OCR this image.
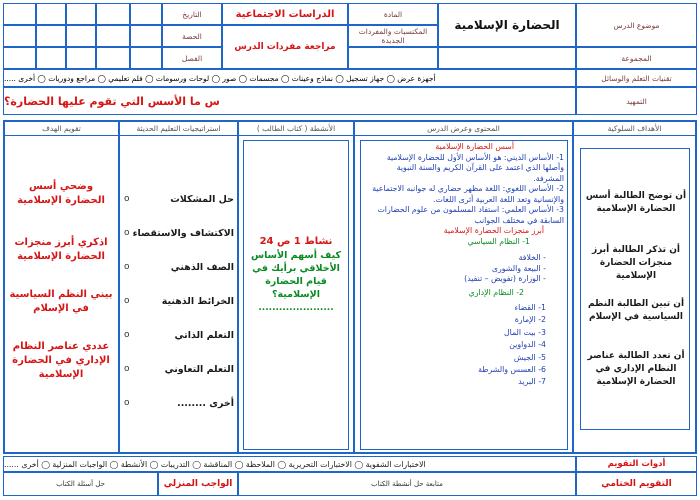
موضوع الدرس
الحضارة الإسلامية
المادة
الدراسات الاجتماعية
التاريخ
المكتسبات والمفردات الجديدة
مراجعة مفردات الدرس
الحصة
المجموعة
الفصل
تقنيات التعلم والوسائل
أجهزة عرض ◯ جهاز تسجيل ◯ نماذج وعينات ◯ مجسمات ◯ صور ◯ لوحات ورسومات ◯ فلم تعليمي ◯ مراجع ودوريات ◯ أخرى .....
التمهيد
س ما الأسس التي تقوم عليها الحضارة؟
الأهداف السلوكية
المحتوى وعرض الدرس
الأنشطة ( كتاب الطالب )
استراتيجيات التعليم الحديثة
تقويم الهدف
أن توضح الطالبة أسس الحضارة الإسلامية
أن تذكر الطالبة أبرز منجزات الحضارة الإسلامية
أن تبين الطالبة النظم السياسية في الإسلام
أن تعدد الطالبة عناصر النظام الإداري في الحضارة الإسلامية
أسس الحضارة الإسلامية
1- الأساس الديني: هو الأساس الأول للحضارة الإسلامية وأصلها الذي اعتمد على القرآن الكريم والسنة النبوية المشرفة.
2- الأساس اللغوي: اللغة مظهر حضاري له جوانبه الاجتماعية والإنسانية وتعد اللغة العربية أثرى اللغات.
3- الأساس العلمي: استفاد المسلمون من علوم الحضارات السابقة في مختلف الجوانب
أبرز منجزات الحضارة الإسلامية
1- النظام السياسي
- الخلافة
- البيعة والشورى
- الوزارة (تفويض – تنفيذ)
2- النظام الإداري
1- القضاء
2- الإمارة
3- بيت المال
4- الدواوين
5- الجيش
6- العسس والشرطة
7- البريد
نشاط 1 ص 24
كيف أسهم الأساس الأخلاقي برأيك في قيام الحضارة الإسلامية؟
......................
حل المشكلات
o
الاكتشاف والاستقصاء
o
الصف الذهني
o
الخرائط الذهنية
o
التعلم الذاتي
o
التعلم التعاوني
o
أخرى ........
o
وضحي أسس الحضارة الإسلامية
اذكري أبرز منجزات الحضارة الإسلامية
بيني النظم السياسية في الإسلام
عددي عناصر النظام الإداري في الحضارة الإسلامية
أدوات التقويم
الاختبارات الشفوية ◯ الاختبارات التحريرية ◯ الملاحظة ◯ المناقشة ◯ التدريبات ◯ الأنشطة ◯ الواجبات المنزلية ◯ أخرى ......
التقويم الختامي
متابعة حل أنشطة الكتاب
الواجب المنزلي
حل أسئلة الكتاب
